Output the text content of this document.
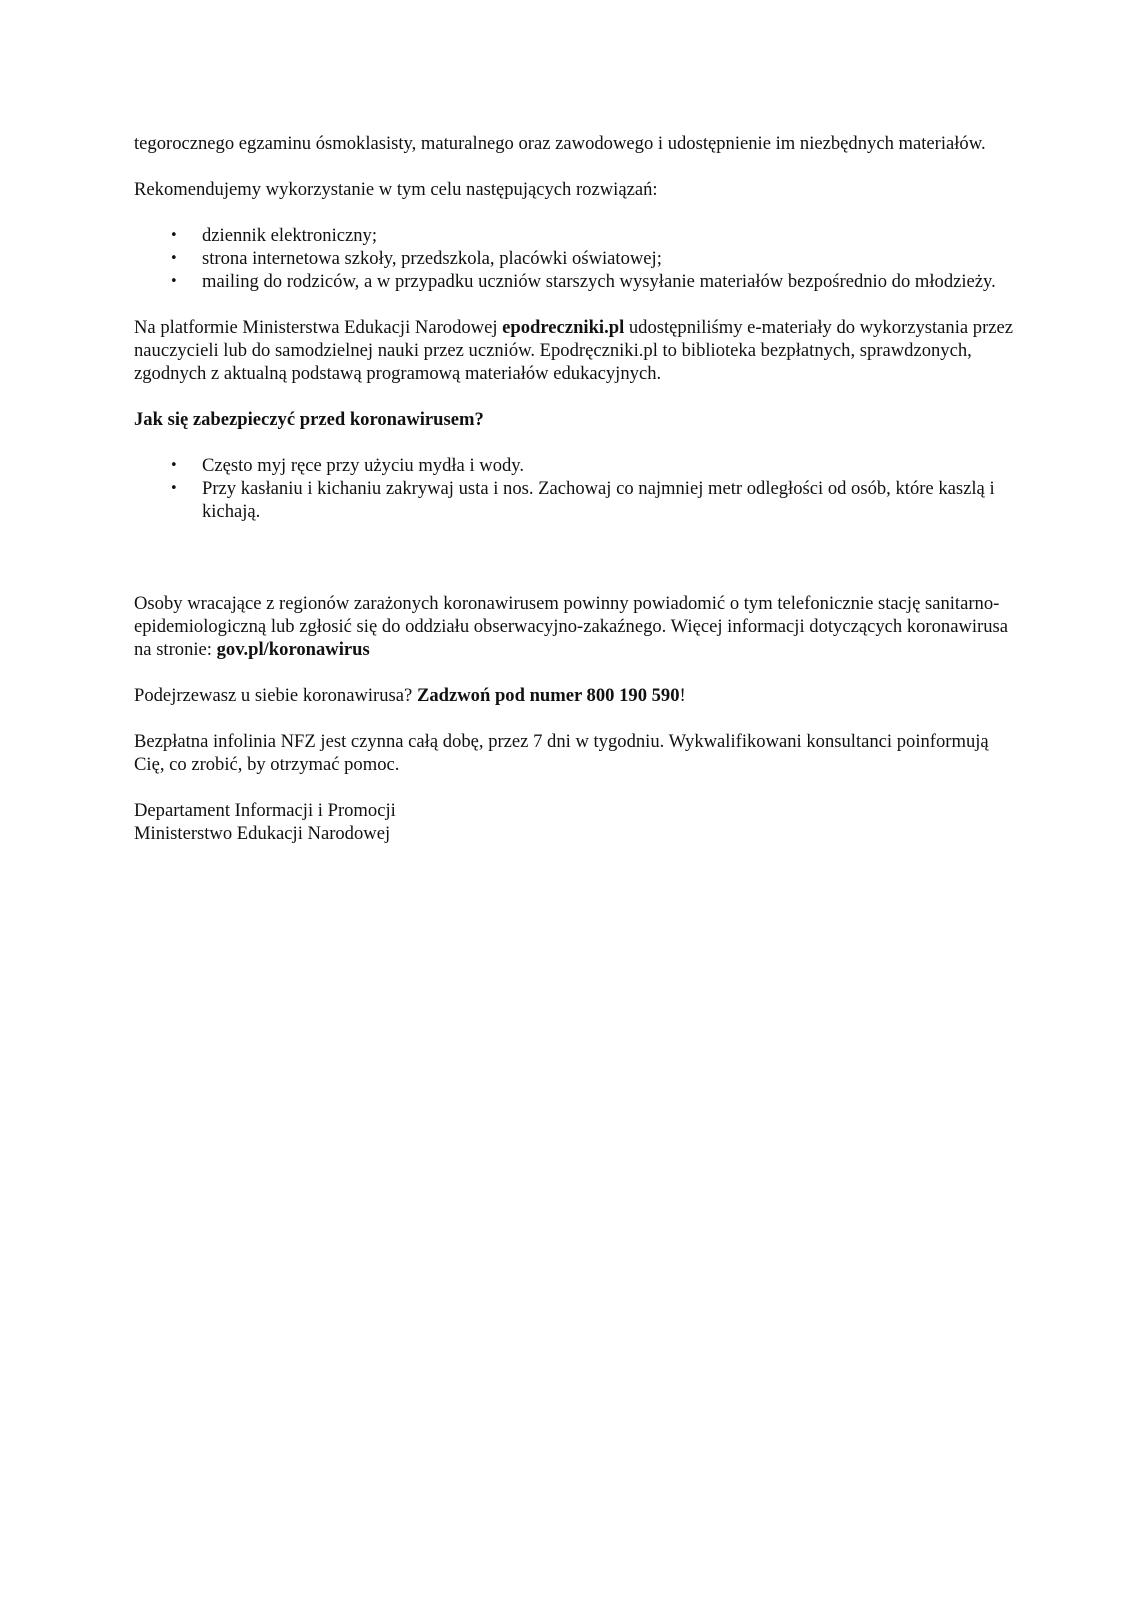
tegorocznego egzaminu ósmoklasisty, maturalnego oraz zawodowego i udostępnienie im niezbędnych materiałów.

Rekomendujemy wykorzystanie w tym celu następujących rozwiązań:

• dziennik elektroniczny;
• strona internetowa szkoły, przedszkola, placówki oświatowej;
• mailing do rodziców, a w przypadku uczniów starszych wysyłanie materiałów bezpośrednio do młodzieży.

Na platformie Ministerstwa Edukacji Narodowej epodreczniki.pl udostępniliśmy e-materiały do wykorzystania przez nauczycieli lub do samodzielnej nauki przez uczniów. Epodręczniki.pl to biblioteka bezpłatnych, sprawdzonych, zgodnych z aktualną podstawą programową materiałów edukacyjnych.

Jak się zabezpieczyć przed koronawirusem?

• Często myj ręce przy użyciu mydła i wody.
• Przy kasłaniu i kichaniu zakrywaj usta i nos. Zachowaj co najmniej metr odległości od osób, które kaszlą i kichają.

Osoby wracające z regionów zarażonych koronawirusem powinny powiadomić o tym telefonicznie stację sanitarno-epidemiologiczną lub zgłosić się do oddziału obserwacyjno-zakaźnego. Więcej informacji dotyczących koronawirusa na stronie: gov.pl/koronawirus

Podejrzewasz u siebie koronawirusa? Zadzwoń pod numer 800 190 590!

Bezpłatna infolinia NFZ jest czynna całą dobę, przez 7 dni w tygodniu. Wykwalifikowani konsultanci poinformują Cię, co zrobić, by otrzymać pomoc.

Departament Informacji i Promocji

Ministerstwo Edukacji Narodowej
